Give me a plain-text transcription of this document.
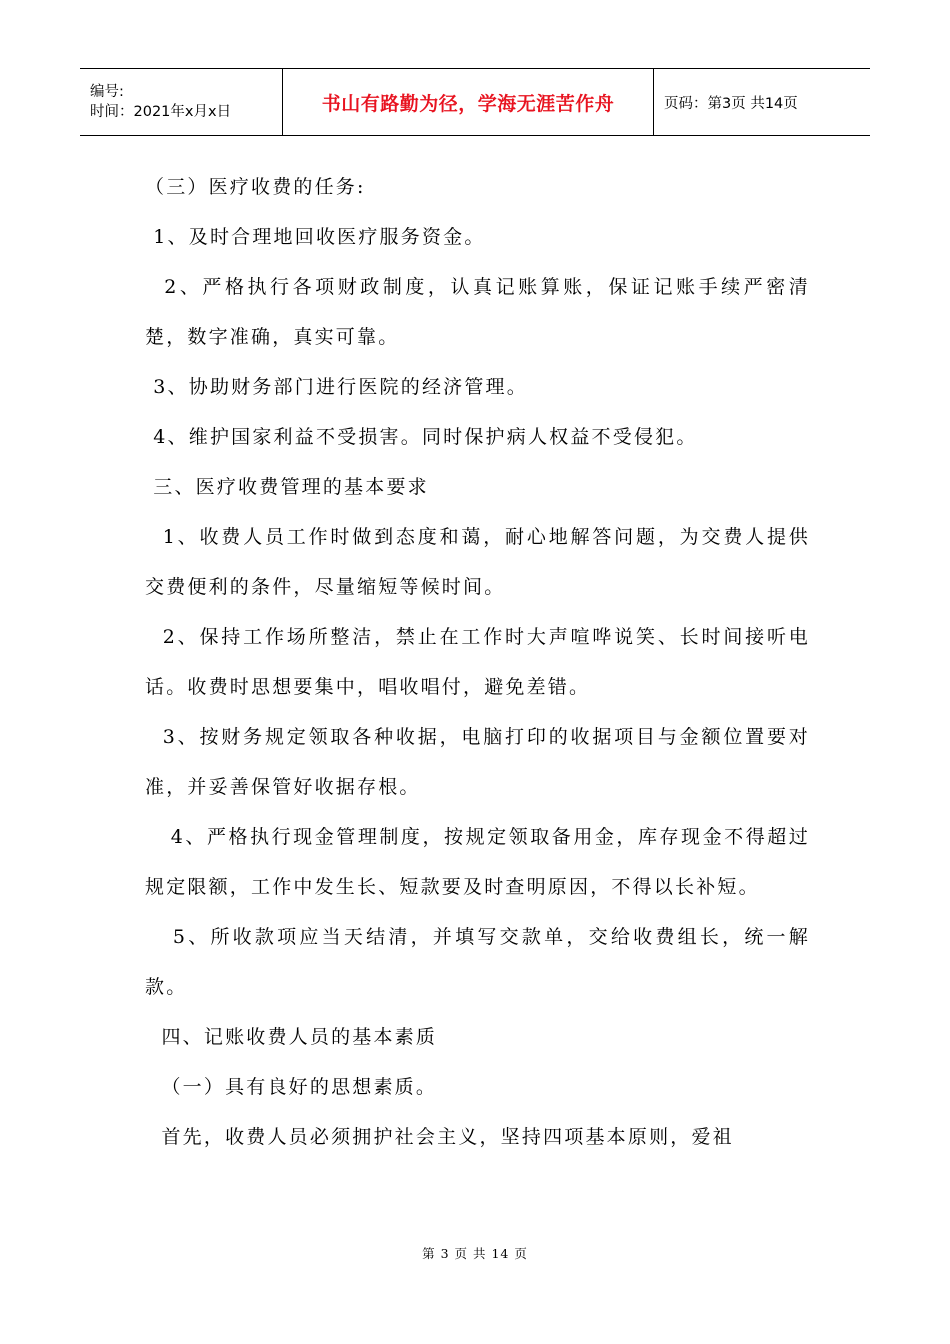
编号:
时间：2021年x月x日	书山有路勤为径，学海无涯苦作舟	页码：第3页 共14页

（三）医疗收费的任务:

1、及时合理地回收医疗服务资金。

2、严格执行各项财政制度，认真记账算账，保证记账手续严密清楚，数字准确，真实可靠。

3、协助财务部门进行医院的经济管理。

4、维护国家利益不受损害。同时保护病人权益不受侵犯。

三、医疗收费管理的基本要求

1、收费人员工作时做到态度和蔼，耐心地解答问题，为交费人提供交费便利的条件，尽量缩短等候时间。

2、保持工作场所整洁，禁止在工作时大声喧哗说笑、长时间接听电话。收费时思想要集中，唱收唱付，避免差错。

3、按财务规定领取各种收据，电脑打印的收据项目与金额位置要对准，并妥善保管好收据存根。

4、严格执行现金管理制度，按规定领取备用金，库存现金不得超过规定限额，工作中发生长、短款要及时查明原因，不得以长补短。

5、所收款项应当天结清，并填写交款单，交给收费组长，统一解款。

四、记账收费人员的基本素质

（一）具有良好的思想素质。

首先，收费人员必须拥护社会主义，坚持四项基本原则，爱祖

第 3 页 共 14 页
